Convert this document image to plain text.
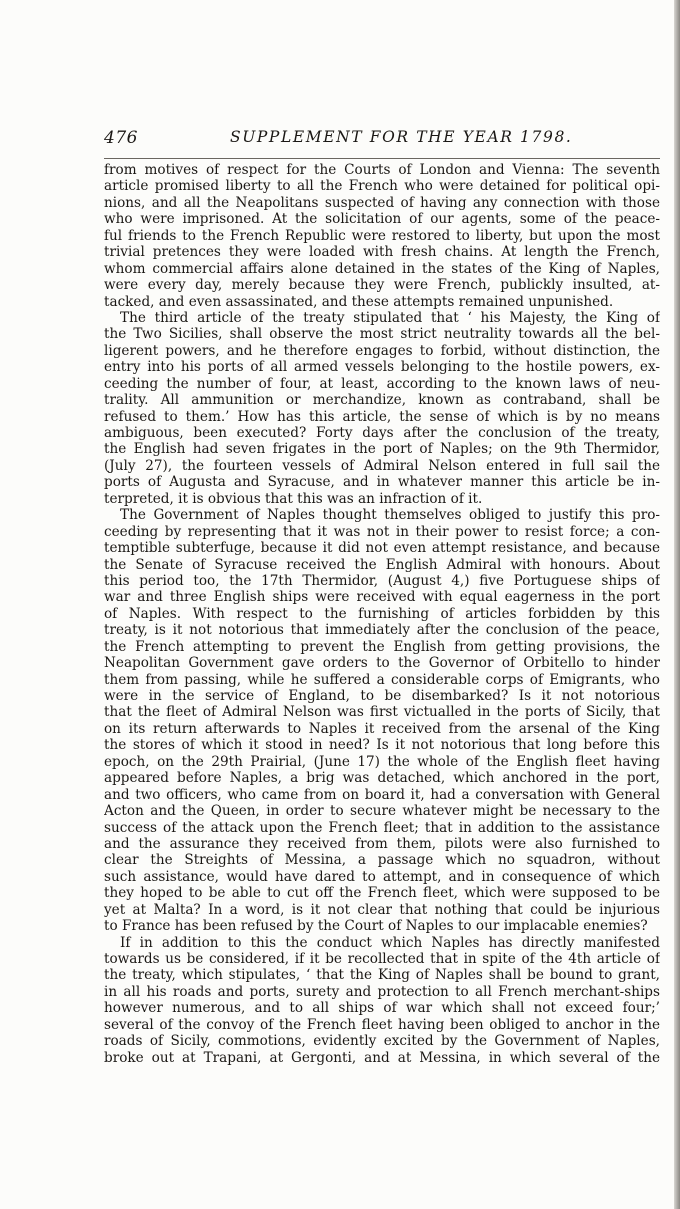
476	SUPPLEMENT FOR THE YEAR 1798.
from motives of respect for the Courts of London and Vienna: The seventh
article promised liberty to all the French who were detained for political opi-
nions, and all the Neapolitans suspected of having any connection with those
who were imprisoned. At the solicitation of our agents, some of the peace-
ful friends to the French Republic were restored to liberty, but upon the most
trivial pretences they were loaded with fresh chains. At length the French,
whom commercial affairs alone detained in the states of the King of Naples,
were every day, merely because they were French, publickly insulted, at-
tacked, and even assassinated, and these attempts remained unpunished.
The third article of the treaty stipulated that ‘ his Majesty, the King of
the Two Sicilies, shall observe the most strict neutrality towards all the bel-
ligerent powers, and he therefore engages to forbid, without distinction, the
entry into his ports of all armed vessels belonging to the hostile powers, ex-
ceeding the number of four, at least, according to the known laws of neu-
trality. All ammunition or merchandize, known as contraband, shall be
refused to them.’ How has this article, the sense of which is by no means
ambiguous, been executed? Forty days after the conclusion of the treaty,
the English had seven frigates in the port of Naples; on the 9th Thermidor,
(July 27), the fourteen vessels of Admiral Nelson entered in full sail the
ports of Augusta and Syracuse, and in whatever manner this article be in-
terpreted, it is obvious that this was an infraction of it.
The Government of Naples thought themselves obliged to justify this pro-
ceeding by representing that it was not in their power to resist force; a con-
temptible subterfuge, because it did not even attempt resistance, and because
the Senate of Syracuse received the English Admiral with honours. About
this period too, the 17th Thermidor, (August 4,) five Portuguese ships of
war and three English ships were received with equal eagerness in the port
of Naples. With respect to the furnishing of articles forbidden by this
treaty, is it not notorious that immediately after the conclusion of the peace,
the French attempting to prevent the English from getting provisions, the
Neapolitan Government gave orders to the Governor of Orbitello to hinder
them from passing, while he suffered a considerable corps of Emigrants, who
were in the service of England, to be disembarked? Is it not notorious
that the fleet of Admiral Nelson was first victualled in the ports of Sicily, that
on its return afterwards to Naples it received from the arsenal of the King
the stores of which it stood in need? Is it not notorious that long before this
epoch, on the 29th Prairial, (June 17) the whole of the English fleet having
appeared before Naples, a brig was detached, which anchored in the port,
and two officers, who came from on board it, had a conversation with General
Acton and the Queen, in order to secure whatever might be necessary to the
success of the attack upon the French fleet; that in addition to the assistance
and the assurance they received from them, pilots were also furnished to
clear the Streights of Messina, a passage which no squadron, without
such assistance, would have dared to attempt, and in consequence of which
they hoped to be able to cut off the French fleet, which were supposed to be
yet at Malta? In a word, is it not clear that nothing that could be injurious
to France has been refused by the Court of Naples to our implacable enemies?
If in addition to this the conduct which Naples has directly manifested
towards us be considered, if it be recollected that in spite of the 4th article of
the treaty, which stipulates, ‘ that the King of Naples shall be bound to grant,
in all his roads and ports, surety and protection to all French merchant-ships
however numerous, and to all ships of war which shall not exceed four;’
several of the convoy of the French fleet having been obliged to anchor in the
roads of Sicily, commotions, evidently excited by the Government of Naples,
broke out at Trapani, at Gergonti, and at Messina, in which several of the
